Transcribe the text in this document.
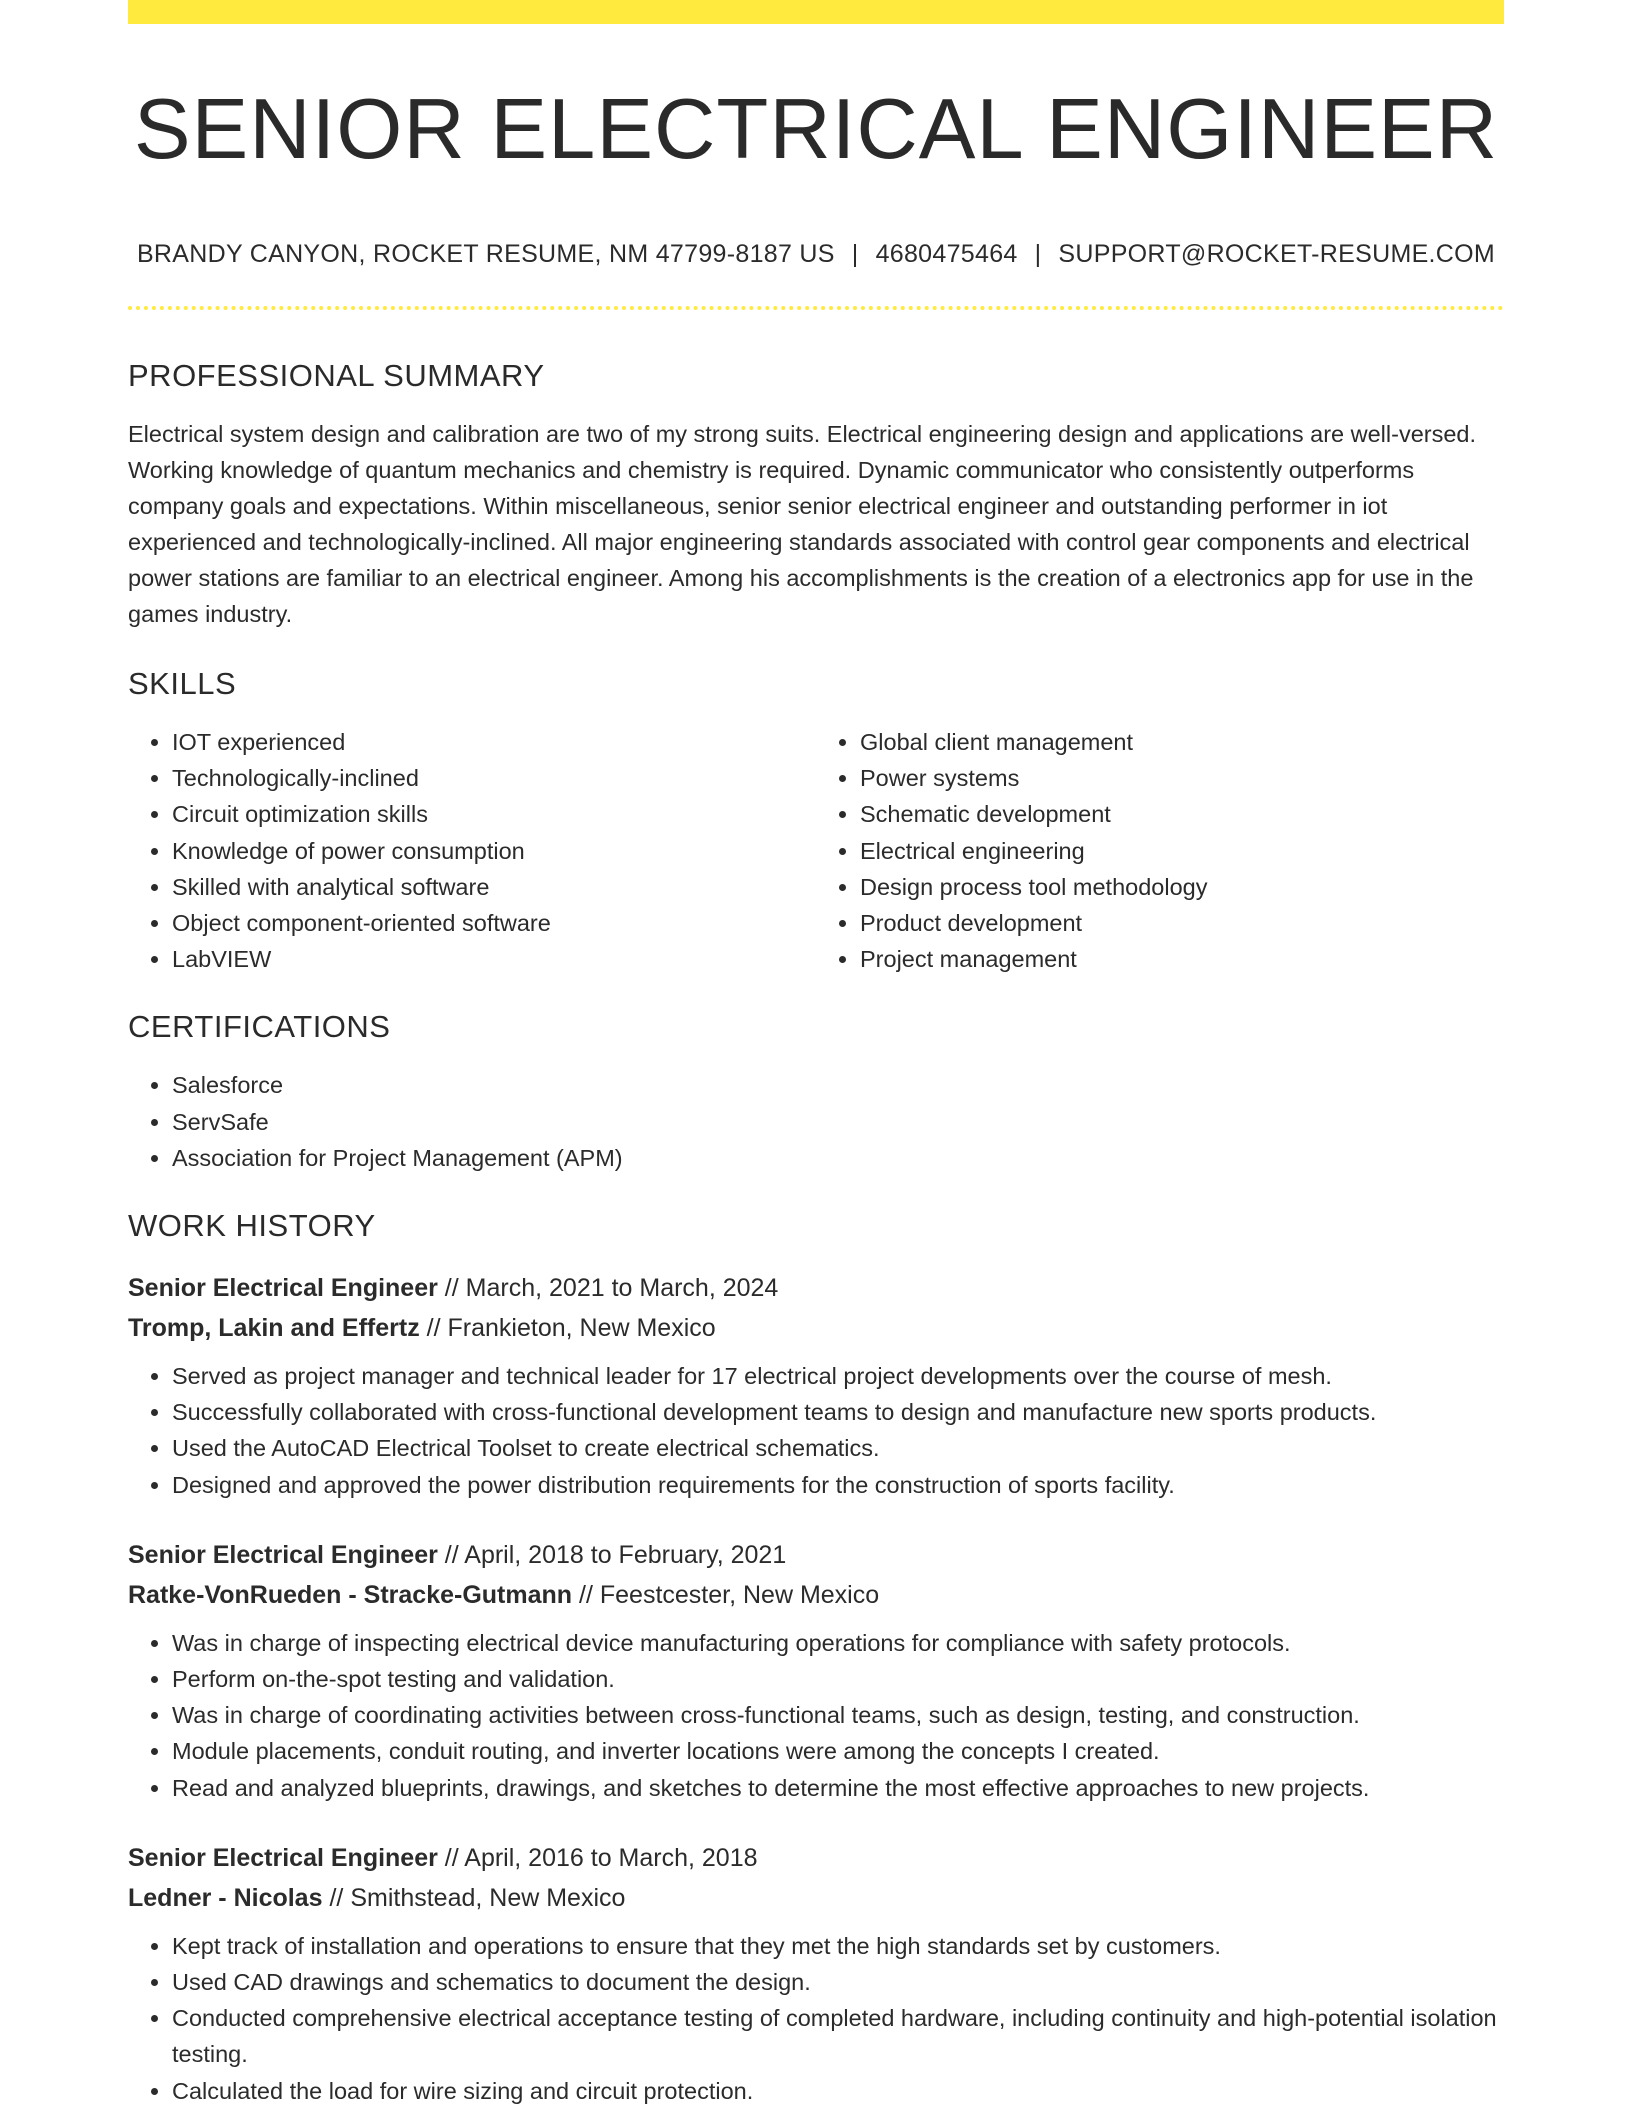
SENIOR ELECTRICAL ENGINEER
BRANDY CANYON, ROCKET RESUME, NM 47799-8187 US | 4680475464 | SUPPORT@ROCKET-RESUME.COM
PROFESSIONAL SUMMARY

Electrical system design and calibration are two of my strong suits. Electrical engineering design and applications are well-versed. Working knowledge of quantum mechanics and chemistry is required. Dynamic communicator who consistently outperforms company goals and expectations. Within miscellaneous, senior senior electrical engineer and outstanding performer in iot experienced and technologically-inclined. All major engineering standards associated with control gear components and electrical power stations are familiar to an electrical engineer. Among his accomplishments is the creation of a electronics app for use in the games industry.

SKILLS
• IOT experienced
• Technologically-inclined
• Circuit optimization skills
• Knowledge of power consumption
• Skilled with analytical software
• Object component-oriented software
• LabVIEW
• Global client management
• Power systems
• Schematic development
• Electrical engineering
• Design process tool methodology
• Product development
• Project management
CERTIFICATIONS
• Salesforce
• ServSafe
• Association for Project Management (APM)
WORK HISTORY
Senior Electrical Engineer // March, 2021 to March, 2024
Tromp, Lakin and Effertz // Frankieton, New Mexico
• Served as project manager and technical leader for 17 electrical project developments over the course of mesh.
• Successfully collaborated with cross-functional development teams to design and manufacture new sports products.
• Used the AutoCAD Electrical Toolset to create electrical schematics.
• Designed and approved the power distribution requirements for the construction of sports facility.
Senior Electrical Engineer // April, 2018 to February, 2021
Ratke-VonRueden - Stracke-Gutmann // Feestcester, New Mexico
• Was in charge of inspecting electrical device manufacturing operations for compliance with safety protocols.
• Perform on-the-spot testing and validation.
• Was in charge of coordinating activities between cross-functional teams, such as design, testing, and construction.
• Module placements, conduit routing, and inverter locations were among the concepts I created.
• Read and analyzed blueprints, drawings, and sketches to determine the most effective approaches to new projects.
Senior Electrical Engineer // April, 2016 to March, 2018
Ledner - Nicolas // Smithstead, New Mexico
• Kept track of installation and operations to ensure that they met the high standards set by customers.
• Used CAD drawings and schematics to document the design.
• Conducted comprehensive electrical acceptance testing of completed hardware, including continuity and high-potential isolation testing.
• Calculated the load for wire sizing and circuit protection.
